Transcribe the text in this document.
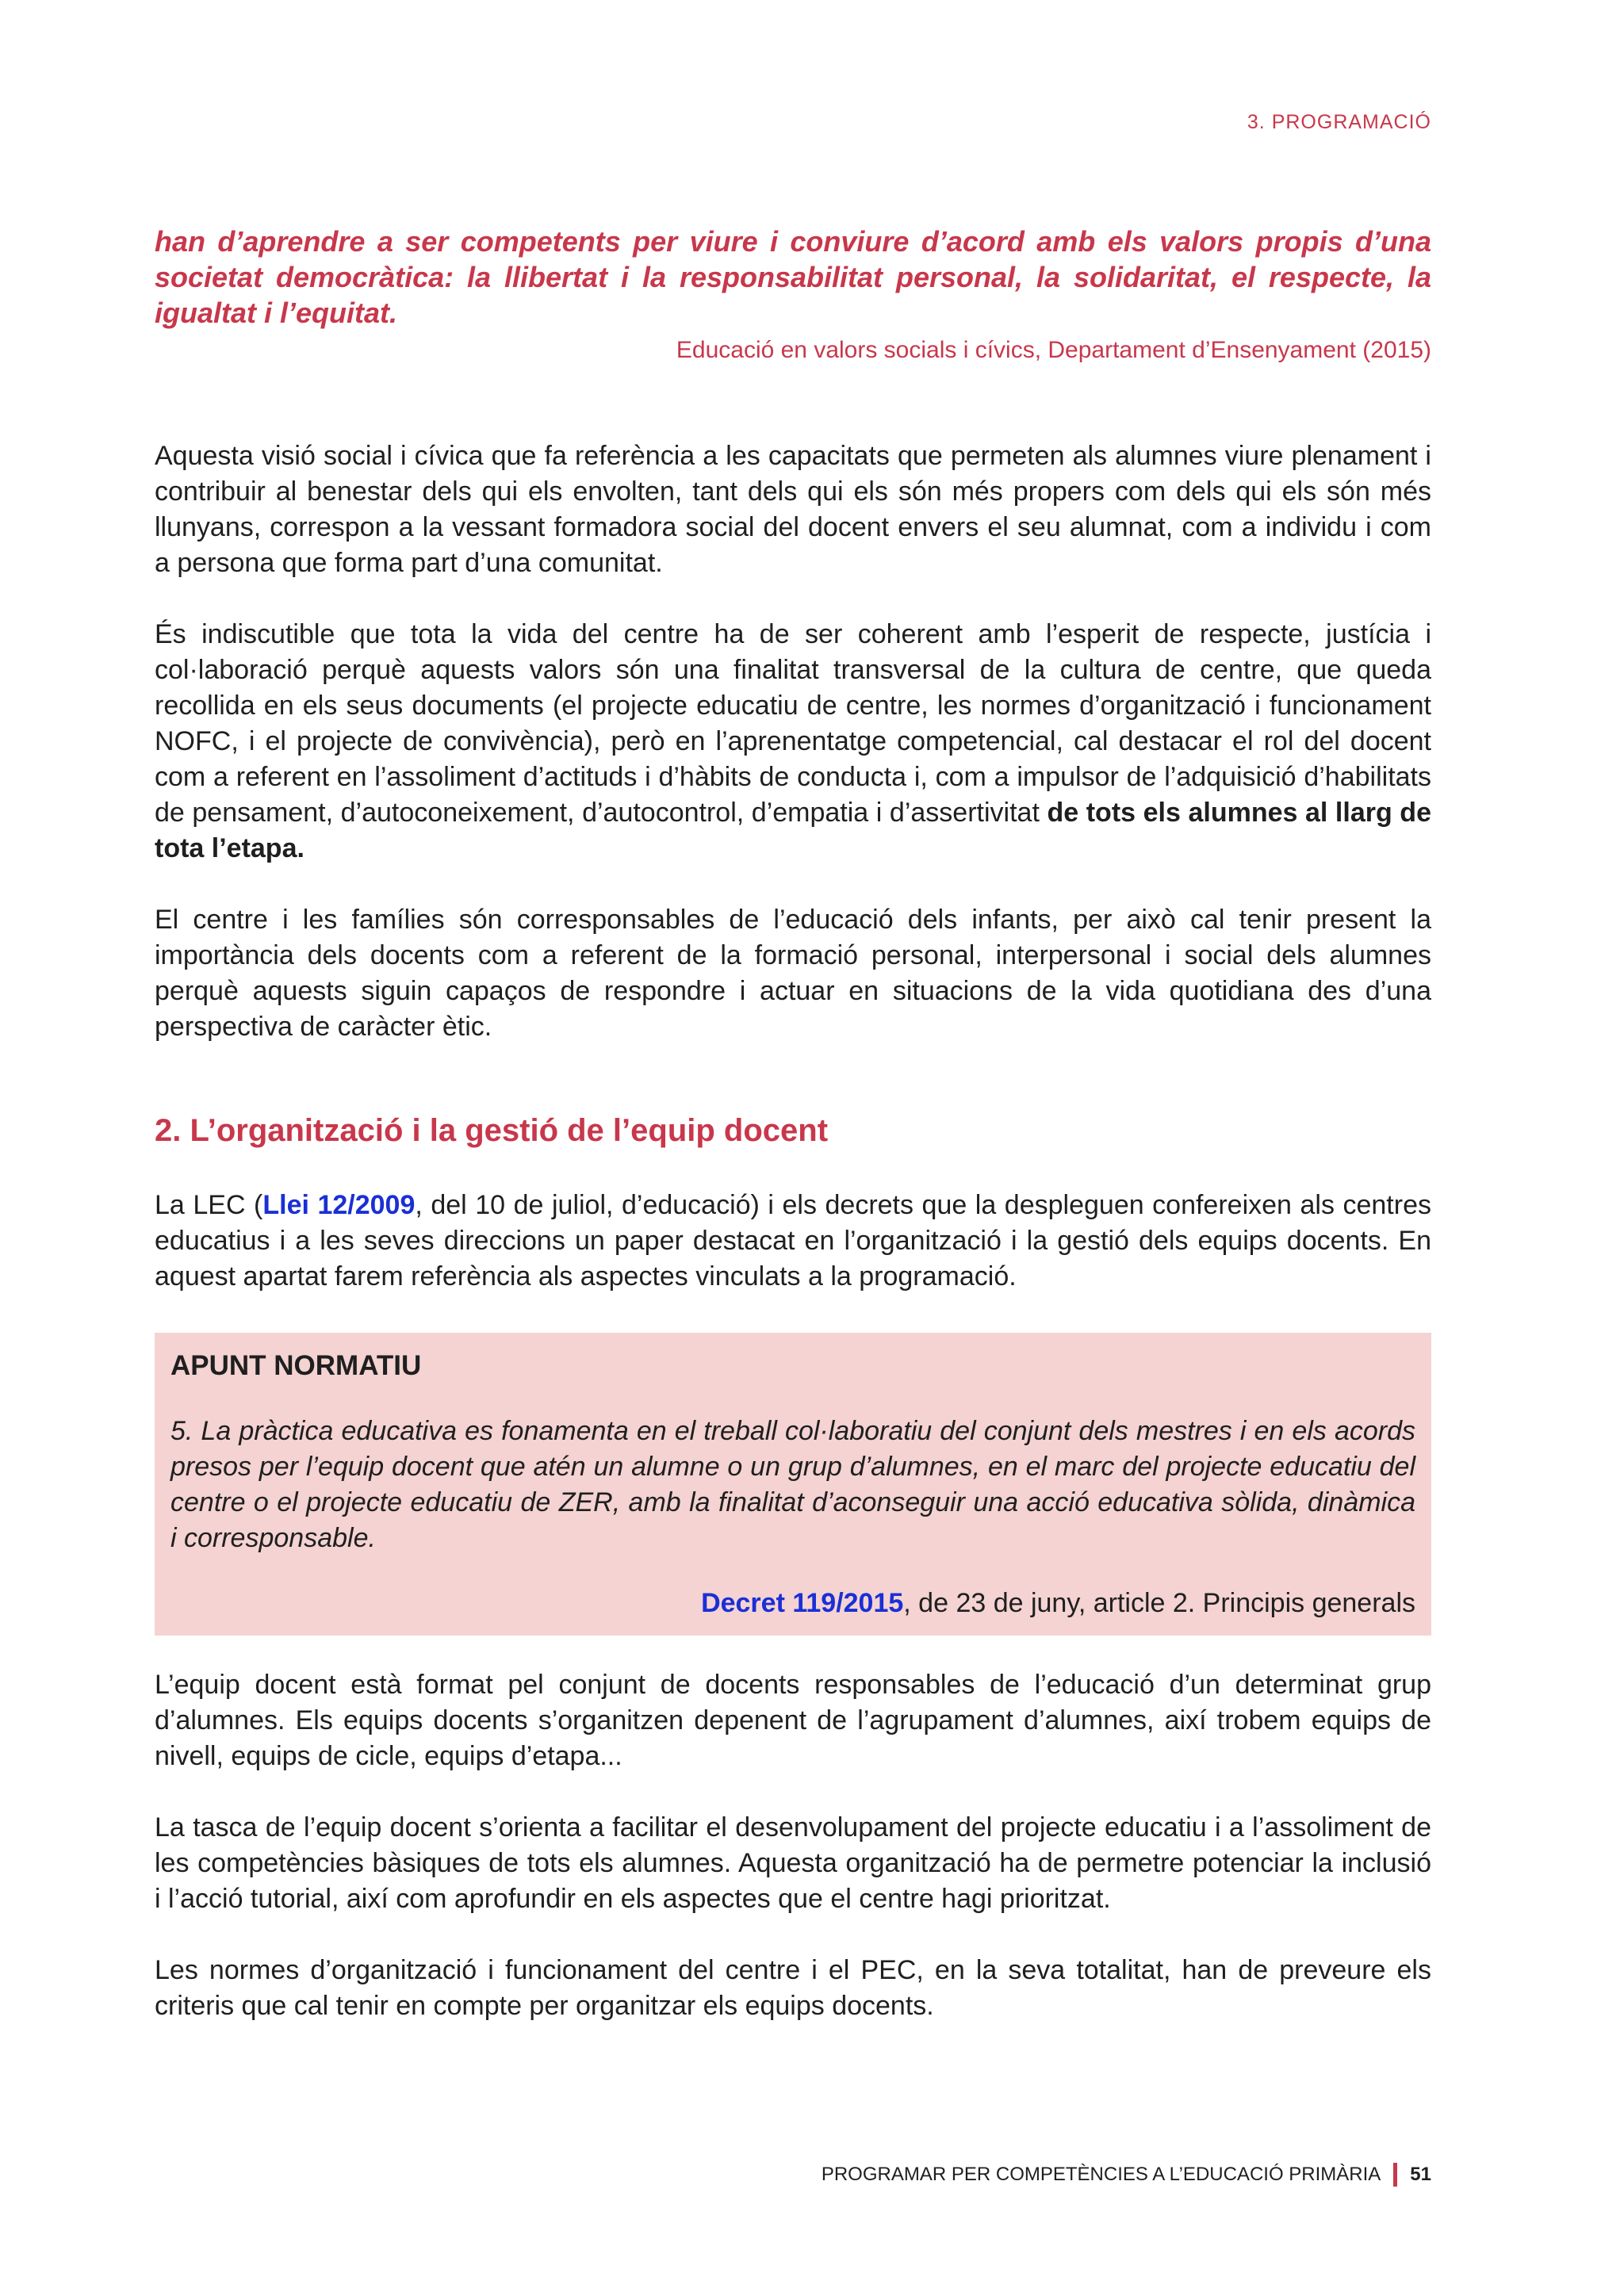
3. PROGRAMACIÓ
han d’aprendre a ser competents per viure i conviure d’acord amb els valors propis d’una societat democràtica: la llibertat i la responsabilitat personal, la solidaritat, el respecte, la igualtat i l’equitat.
Educació en valors socials i cívics, Departament d’Ensenyament (2015)

Aquesta visió social i cívica que fa referència a les capacitats que permeten als alumnes viure plenament i contribuir al benestar dels qui els envolten, tant dels qui els són més propers com dels qui els són més llunyans, correspon a la vessant formadora social del docent envers el seu alumnat, com a individu i com a persona que forma part d’una comunitat.

És indiscutible que tota la vida del centre ha de ser coherent amb l’esperit de respecte, justícia i col·laboració perquè aquests valors són una finalitat transversal de la cultura de centre, que queda recollida en els seus documents (el projecte educatiu de centre, les normes d’organització i funcionament NOFC, i el projecte de convivència), però en l’aprenentatge competencial, cal destacar el rol del docent com a referent en l’assoliment d’actituds i d’hàbits de conducta i, com a impulsor de l’adquisició d’habilitats de pensament, d’autoconeixement, d’autocontrol, d’empatia i d’assertivitat de tots els alumnes al llarg de tota l’etapa.

El centre i les famílies són corresponsables de l’educació dels infants, per això cal tenir present la importància dels docents com a referent de la formació personal, interpersonal i social dels alumnes perquè aquests siguin capaços de respondre i actuar en situacions de la vida quotidiana des d’una perspectiva de caràcter ètic.

2. L’organització i la gestió de l’equip docent

La LEC (Llei 12/2009, del 10 de juliol, d’educació) i els decrets que la despleguen confereixen als centres educatius i a les seves direccions un paper destacat en l’organització i la gestió dels equips docents. En aquest apartat farem referència als aspectes vinculats a la programació.

APUNT NORMATIU
5. La pràctica educativa es fonamenta en el treball col·laboratiu del conjunt dels mestres i en els acords presos per l’equip docent que atén un alumne o un grup d’alumnes, en el marc del projecte educatiu del centre o el projecte educatiu de ZER, amb la finalitat d’aconseguir una acció educativa sòlida, dinàmica i corresponsable.
Decret 119/2015, de 23 de juny, article 2. Principis generals

L’equip docent està format pel conjunt de docents responsables de l’educació d’un determinat grup d’alumnes. Els equips docents s’organitzen depenent de l’agrupament d’alumnes, així trobem equips de nivell, equips de cicle, equips d’etapa...

La tasca de l’equip docent s’orienta a facilitar el desenvolupament del projecte educatiu i a l’assoliment de les competències bàsiques de tots els alumnes. Aquesta organització ha de permetre potenciar la inclusió i l’acció tutorial, així com aprofundir en els aspectes que el centre hagi prioritzat.

Les normes d’organització i funcionament del centre i el PEC, en la seva totalitat, han de preveure els criteris que cal tenir en compte per organitzar els equips docents.

PROGRAMAR PER COMPETÈNCIES A L’EDUCACIÓ PRIMÀRIA 51
